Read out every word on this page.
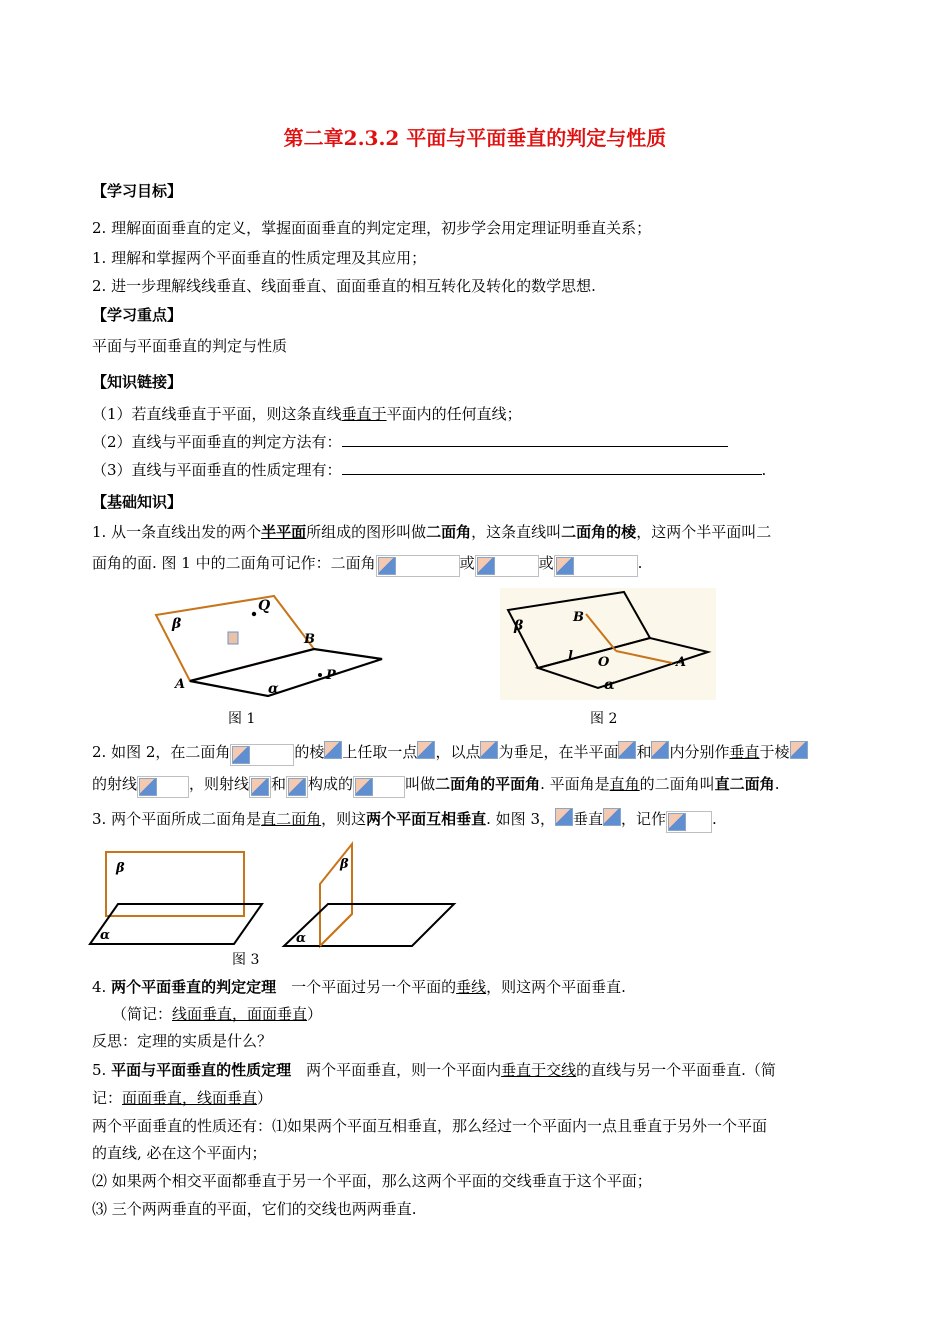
第二章2.3.2 平面与平面垂直的判定与性质
【学习目标】
2. 理解面面垂直的定义，掌握面面垂直的判定定理，初步学会用定理证明垂直关系；
1. 理解和掌握两个平面垂直的性质定理及其应用；
2. 进一步理解线线垂直、线面垂直、面面垂直的相互转化及转化的数学思想.
【学习重点】
平面与平面垂直的判定与性质
【知识链接】
（1）若直线垂直于平面，则这条直线垂直于平面内的任何直线；
（2）直线与平面垂直的判定方法有：
（3）直线与平面垂直的性质定理有：	.
【基础知识】
1. 从一条直线出发的两个半平面所组成的图形叫做二面角，这条直线叫二面角的棱，这两个半平面叫二
面角的面. 图 1 中的二面角可记作：二面角	或	或	.
β
Q
B
A
P
α
图 1
β
B
l O	A
α
图 2
2. 如图 2，在二面角	的棱 上任取一点 ，以点 为垂足，在半平面 和 内分别作垂直于棱
的射线	，则射线 和 构成的	叫做二面角的平面角. 平面角是直角的二面角叫直二面角.
3. 两个平面所成二面角是直二面角，则这两个平面互相垂直. 如图 3， 垂直 ，记作	.
β
α
β
α
图 3
4. 两个平面垂直的判定定理　一个平面过另一个平面的垂线，则这两个平面垂直.
（简记：线面垂直，面面垂直）
反思：定理的实质是什么？
5. 平面与平面垂直的性质定理　两个平面垂直，则一个平面内垂直于交线的直线与另一个平面垂直.（简
记：面面垂直，线面垂直）
两个平面垂直的性质还有：⑴如果两个平面互相垂直，那么经过一个平面内一点且垂直于另外一个平面
的直线, 必在这个平面内；
⑵ 如果两个相交平面都垂直于另一个平面，那么这两个平面的交线垂直于这个平面；
⑶ 三个两两垂直的平面，它们的交线也两两垂直.
